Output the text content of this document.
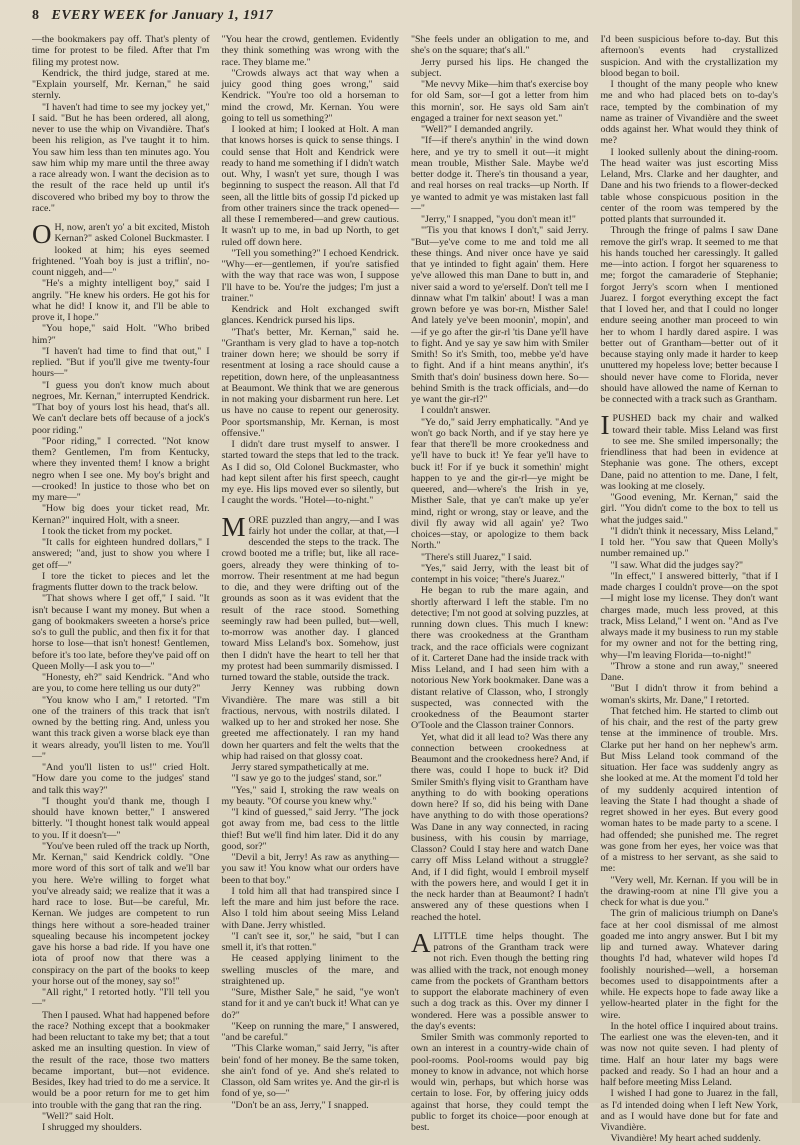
8 EVERY WEEK for January 1, 1917

—the bookmakers pay off. That's plenty of time for protest to be filed. After that I'm filing my protest now.

Kendrick, the third judge, stared at me. "Explain yourself, Mr. Kernan," he said sternly.

"I haven't had time to see my jockey yet," I said. "But he has been ordered, all along, never to use the whip on Vivandière. That's been his religion, as I've taught it to him. You saw him less than ten minutes ago. You saw him whip my mare until the three away a race already won. I want the decision as to the result of the race held up until it's discovered who bribed my boy to throw the race."

OH, now, aren't yo' a bit excited, Mistoh Kernan?" asked Colonel Buckmaster. I looked at him; his eyes seemed frightened. "Yoah boy is just a triflin', no-count niggeh, and—"

"He's a mighty intelligent boy," said I angrily. "He knew his orders. He got his for what he did! I know it, and I'll be able to prove it, I hope."

"You hope," said Holt. "Who bribed him?"

"I haven't had time to find that out," I replied. "But if you'll give me twenty-four hours—"

"I guess you don't know much about negroes, Mr. Kernan," interrupted Kendrick. "That boy of yours lost his head, that's all. We can't declare bets off because of a jock's poor riding."

"Poor riding," I corrected. "Not know them? Gentlemen, I'm from Kentucky, where they invented them! I know a bright negro when I see one. My boy's bright and—crooked! In justice to those who bet on my mare—"

"How big does your ticket read, Mr. Kernan?" inquired Holt, with a sneer.

I took the ticket from my pocket.

"It calls for eighteen hundred dollars," I answered; "and, just to show you where I get off—"

I tore the ticket to pieces and let the fragments flutter down to the track below.

"That shows where I get off," I said. "It isn't because I want my money. But when a gang of bookmakers sweeten a horse's price so's to gull the public, and then fix it for that horse to lose—that isn't honest! Gentlemen, before it's too late, before they've paid off on Queen Molly—I ask you to—"

"Honesty, eh?" said Kendrick. "And who are you, to come here telling us our duty?"

"You know who I am," I retorted. "I'm one of the trainers of this track that isn't owned by the betting ring. And, unless you want this track given a worse black eye than it wears already, you'll listen to me. You'll—"

"And you'll listen to us!" cried Holt. "How dare you come to the judges' stand and talk this way?"

"I thought you'd thank me, though I should have known better," I answered bitterly. "I thought honest talk would appeal to you. If it doesn't—"

"You've been ruled off the track up North, Mr. Kernan," said Kendrick coldly. "One more word of this sort of talk and we'll bar you here. We're willing to forget what you've already said; we realize that it was a hard race to lose. But—be careful, Mr. Kernan. We judges are competent to run things here without a sore-headed trainer squealing because his incompetent jockey gave his horse a bad ride. If you have one iota of proof now that there was a conspiracy on the part of the books to keep your horse out of the money, say so!"

"All right," I retorted hotly. "I'll tell you—"

Then I paused. What had happened before the race? Nothing except that a bookmaker had been reluctant to take my bet; that a tout asked me an insulting question. In view of the result of the race, those two matters became important, but—not evidence. Besides, Ikey had tried to do me a service. It would be a poor return for me to get him into trouble with the gang that ran the ring.

"Well?" said Holt.

I shrugged my shoulders.

"You hear the crowd, gentlemen. Evidently they think something was wrong with the race. They blame me."

"Crowds always act that way when a juicy good thing goes wrong," said Kendrick. "You're too old a horseman to mind the crowd, Mr. Kernan. You were going to tell us something?"

I looked at him; I looked at Holt. A man that knows horses is quick to sense things. I could sense that Holt and Kendrick were ready to hand me something if I didn't watch out. Why, I wasn't yet sure, though I was beginning to suspect the reason. All that I'd seen, all the little bits of gossip I'd picked up from other trainers since the track opened—all these I remembered—and grew cautious. It wasn't up to me, in bad up North, to get ruled off down here.

"Tell you something?" I echoed Kendrick. "Why—er—gentlemen, if you're satisfied with the way that race was won, I suppose I'll have to be. You're the judges; I'm just a trainer."

Kendrick and Holt exchanged swift glances. Kendrick pursed his lips.

"That's better, Mr. Kernan," said he. "Grantham is very glad to have a top-notch trainer down here; we should be sorry if resentment at losing a race should cause a repetition, down here, of the unpleasantness at Beaumont. We think that we are generous in not making your disbarment run here. Let us have no cause to repent our generosity. Poor sportsmanship, Mr. Kernan, is most offensive."

I didn't dare trust myself to answer. I started toward the steps that led to the track. As I did so, Old Colonel Buckmaster, who had kept silent after his first speech, caught my eye. His lips moved ever so silently, but I caught the words. "Hotel—to-night."

MORE puzzled than angry,—and I was fairly hot under the collar, at that,—I descended the steps to the track. The crowd booted me a trifle; but, like all race-goers, already they were thinking of to-morrow. Their resentment at me had begun to die, and they were drifting out of the grounds as soon as it was evident that the result of the race stood. Something seemingly raw had been pulled, but—well, to-morrow was another day. I glanced toward Miss Leland's box. Somehow, just then I didn't have the heart to tell her that my protest had been summarily dismissed. I turned toward the stable, outside the track.

Jerry Kenney was rubbing down Vivandière. The mare was still a bit fractious, nervous, with nostrils dilated. I walked up to her and stroked her nose. She greeted me affectionately. I ran my hand down her quarters and felt the welts that the whip had raised on that glossy coat.

Jerry stared sympathetically at me.

"I saw ye go to the judges' stand, sor."

"Yes," said I, stroking the raw weals on my beauty. "Of course you knew why."

"I kind of guessed," said Jerry. "The jock got away from me, bad cess to the little thief! But we'll find him later. Did it do any good, sor?"

"Devil a bit, Jerry! As raw as anything—you saw it! You know what our orders have been to that boy."

I told him all that had transpired since I left the mare and him just before the race. Also I told him about seeing Miss Leland with Dane. Jerry whistled.

"I can't see it, sor," he said, "but I can smell it, it's that rotten."

He ceased applying liniment to the swelling muscles of the mare, and straightened up.

"Sure, Misther Sale," he said, "ye won't stand for it and ye can't buck it! What can ye do?"

"Keep on running the mare," I answered, "and be careful."

"This Clarke woman," said Jerry, "is after bein' fond of her money. Be the same token, she ain't fond of ye. And she's related to Classon, old Sam writes ye. And the gir-rl is fond of ye, so—"

"Don't be an ass, Jerry," I snapped.

"She feels under an obligation to me, and she's on the square; that's all."

Jerry pursed his lips. He changed the subject.

"Me nevvy Mike—him that's exercise boy for old Sam, sor—I got a letter from him this mornin', sor. He says old Sam ain't engaged a trainer for next season yet."

"Well?" I demanded angrily.

"If—if there's anythin' in the wind down here, and ye try to smell it out—it might mean trouble, Misther Sale. Maybe we'd better dodge it. There's tin thousand a year, and real horses on real tracks—up North. If ye wanted to admit ye was mistaken last fall—"

"Jerry," I snapped, "you don't mean it!"

"'Tis you that knows I don't," said Jerry. "But—ye've come to me and told me all these things. And niver once have ye said that ye intinded to fight again' them. Here ye've allowed this man Dane to butt in, and niver said a word to ye'erself. Don't tell me I dinnaw what I'm talkin' about! I was a man grown before ye was bor-rn, Misther Sale! And lately ye've been moonin', mopin', and—if ye go after the gir-rl 'tis Dane ye'll have to fight. And ye say ye saw him with Smiler Smith! So it's Smith, too, mebbe ye'd have to fight. And if a hint means anythin', it's Smith that's doin' business down here. So—behind Smith is the track officials, and—do ye want the gir-rl?"

I couldn't answer.

"Ye do," said Jerry emphatically. "And ye won't go back North, and if ye stay here ye fear that there'll be more crookedness and ye'll have to buck it! Ye fear ye'll have to buck it! For if ye buck it somethin' might happen to ye and the gir-rl—ye might be queered, and—where's the Irish in ye, Misther Sale, that ye can't make up ye'er mind, right or wrong, stay or leave, and the divil fly away wid all again' ye? Two choices—stay, or apologize to them back North."

"There's still Juarez," I said.

"Yes," said Jerry, with the least bit of contempt in his voice; "there's Juarez."

He began to rub the mare again, and shortly afterward I left the stable. I'm no detective; I'm not good at solving puzzles, at running down clues. This much I knew: there was crookedness at the Grantham track, and the race officials were cognizant of it. Carteret Dane had the inside track with Miss Leland, and I had seen him with a notorious New York bookmaker. Dane was a distant relative of Classon, who, I strongly suspected, was connected with the crookedness of the Beaumont starter O'Toole and the Classon trainer Connors.

Yet, what did it all lead to? Was there any connection between crookedness at Beaumont and the crookedness here? And, if there was, could I hope to buck it? Did Smiler Smith's flying visit to Grantham have anything to do with booking operations down here? If so, did his being with Dane have anything to do with those operations? Was Dane in any way connected, in racing business, with his cousin by marriage, Classon? Could I stay here and watch Dane carry off Miss Leland without a struggle? And, if I did fight, would I embroil myself with the powers here, and would I get it in the neck harder than at Beaumont? I hadn't answered any of these questions when I reached the hotel.

ALITTLE time helps thought. The patrons of the Grantham track were not rich. Even though the betting ring was allied with the track, not enough money came from the pockets of Grantham bettors to support the elaborate machinery of even such a dog track as this. Over my dinner I wondered. Here was a possible answer to the day's events:

Smiler Smith was commonly reported to own an interest in a country-wide chain of pool-rooms. Pool-rooms would pay big money to know in advance, not which horse would win, perhaps, but which horse was certain to lose. For, by offering juicy odds against that horse, they could tempt the public to forget its choice—poor enough at best.

I'd been suspicious before to-day. But this afternoon's events had crystallized suspicion. And with the crystallization my blood began to boil.

I thought of the many people who knew me and who had placed bets on to-day's race, tempted by the combination of my name as trainer of Vivandière and the sweet odds against her. What would they think of me?

I looked sullenly about the dining-room. The head waiter was just escorting Miss Leland, Mrs. Clarke and her daughter, and Dane and his two friends to a flower-decked table whose conspicuous position in the center of the room was tempered by the potted plants that surrounded it.

Through the fringe of palms I saw Dane remove the girl's wrap. It seemed to me that his hands touched her caressingly. It galled me—into action. I forgot her squareness to me; forgot the camaraderie of Stephanie; forgot Jerry's scorn when I mentioned Juarez. I forgot everything except the fact that I loved her, and that I could no longer endure seeing another man proceed to win her to whom I hardly dared aspire. I was better out of Grantham—better out of it because staying only made it harder to keep unuttered my hopeless love; better because I should never have come to Florida, never should have allowed the name of Kernan to be connected with a track such as Grantham.

IPUSHED back my chair and walked toward their table. Miss Leland was first to see me. She smiled impersonally; the friendliness that had been in evidence at Stephanie was gone. The others, except Dane, paid no attention to me. Dane, I felt, was looking at me closely.

"Good evening, Mr. Kernan," said the girl. "You didn't come to the box to tell us what the judges said."

"I didn't think it necessary, Miss Leland," I told her. "You saw that Queen Molly's number remained up."

"I saw. What did the judges say?"

"In effect," I answered bitterly, "that if I made charges I couldn't prove—on the spot—I might lose my license. They don't want charges made, much less proved, at this track, Miss Leland," I went on. "And as I've always made it my business to run my stable for my owner and not for the betting ring, why—I'm leaving Florida—to-night!"

"Throw a stone and run away," sneered Dane.

"But I didn't throw it from behind a woman's skirts, Mr. Dane," I retorted.

That fetched him. He started to climb out of his chair, and the rest of the party grew tense at the imminence of trouble. Mrs. Clarke put her hand on her nephew's arm. But Miss Leland took command of the situation. Her face was suddenly angry as she looked at me. At the moment I'd told her of my suddenly acquired intention of leaving the State I had thought a shade of regret showed in her eyes. But every good woman hates to be made party to a scene. I had offended; she punished me. The regret was gone from her eyes, her voice was that of a mistress to her servant, as she said to me:

"Very well, Mr. Kernan. If you will be in the drawing-room at nine I'll give you a check for what is due you."

The grin of malicious triumph on Dane's face at her cool dismissal of me almost goaded me into angry answer. But I bit my lip and turned away. Whatever daring thoughts I'd had, whatever wild hopes I'd foolishly nourished—well, a horseman becomes used to disappointments after a while. He expects hope to fade away like a yellow-hearted plater in the fight for the wire.

In the hotel office I inquired about trains. The earliest one was the eleven-ten, and it was now not quite seven. I had plenty of time. Half an hour later my bags were packed and ready. So I had an hour and a half before meeting Miss Leland.

I wished I had gone to Juarez in the fall, as I'd intended doing when I left New York, and as I would have done but for fate and Vivandière.

Vivandière! My heart ached suddenly.
